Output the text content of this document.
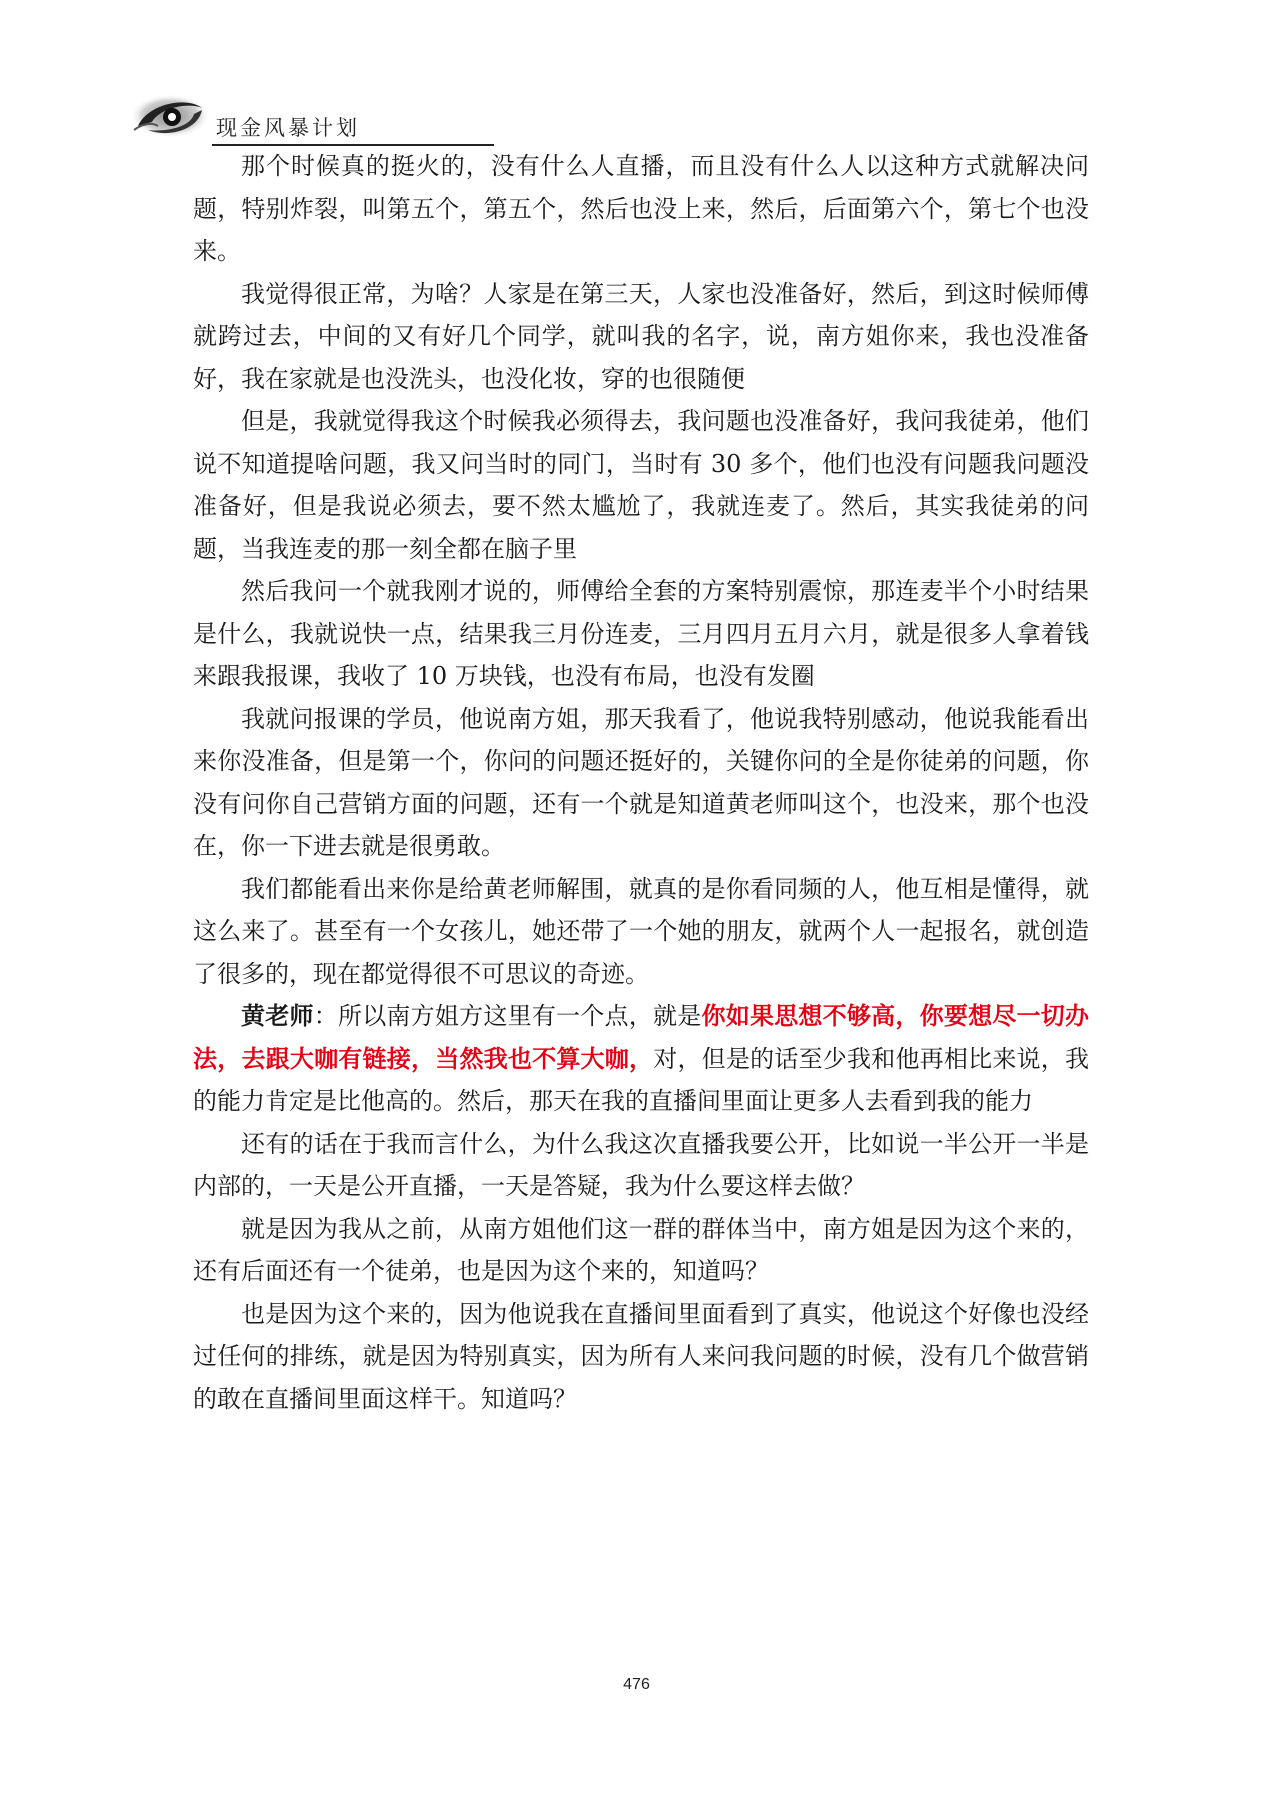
现金风暴计划

那个时候真的挺火的，没有什么人直播，而且没有什么人以这种方式就解决问题，特别炸裂，叫第五个，第五个，然后也没上来，然后，后面第六个，第七个也没来。

我觉得很正常，为啥？人家是在第三天，人家也没准备好，然后，到这时候师傅就跨过去，中间的又有好几个同学，就叫我的名字，说，南方姐你来，我也没准备好，我在家就是也没洗头，也没化妆，穿的也很随便

但是，我就觉得我这个时候我必须得去，我问题也没准备好，我问我徒弟，他们说不知道提啥问题，我又问当时的同门，当时有 30 多个，他们也没有问题我问题没准备好，但是我说必须去，要不然太尴尬了，我就连麦了。然后，其实我徒弟的问题，当我连麦的那一刻全都在脑子里

然后我问一个就我刚才说的，师傅给全套的方案特别震惊，那连麦半个小时结果是什么，我就说快一点，结果我三月份连麦，三月四月五月六月，就是很多人拿着钱来跟我报课，我收了 10 万块钱，也没有布局，也没有发圈

我就问报课的学员，他说南方姐，那天我看了，他说我特别感动，他说我能看出来你没准备，但是第一个，你问的问题还挺好的，关键你问的全是你徒弟的问题，你没有问你自己营销方面的问题，还有一个就是知道黄老师叫这个，也没来，那个也没在，你一下进去就是很勇敢。

我们都能看出来你是给黄老师解围，就真的是你看同频的人，他互相是懂得，就这么来了。甚至有一个女孩儿，她还带了一个她的朋友，就两个人一起报名，就创造了很多的，现在都觉得很不可思议的奇迹。

黄老师：所以南方姐方这里有一个点，就是你如果思想不够高，你要想尽一切办法，去跟大咖有链接，当然我也不算大咖，对，但是的话至少我和他再相比来说，我的能力肯定是比他高的。然后，那天在我的直播间里面让更多人去看到我的能力

还有的话在于我而言什么，为什么我这次直播我要公开，比如说一半公开一半是内部的，一天是公开直播，一天是答疑，我为什么要这样去做？

就是因为我从之前，从南方姐他们这一群的群体当中，南方姐是因为这个来的，还有后面还有一个徒弟，也是因为这个来的，知道吗？

也是因为这个来的，因为他说我在直播间里面看到了真实，他说这个好像也没经过任何的排练，就是因为特别真实，因为所有人来问我问题的时候，没有几个做营销的敢在直播间里面这样干。知道吗？

476
